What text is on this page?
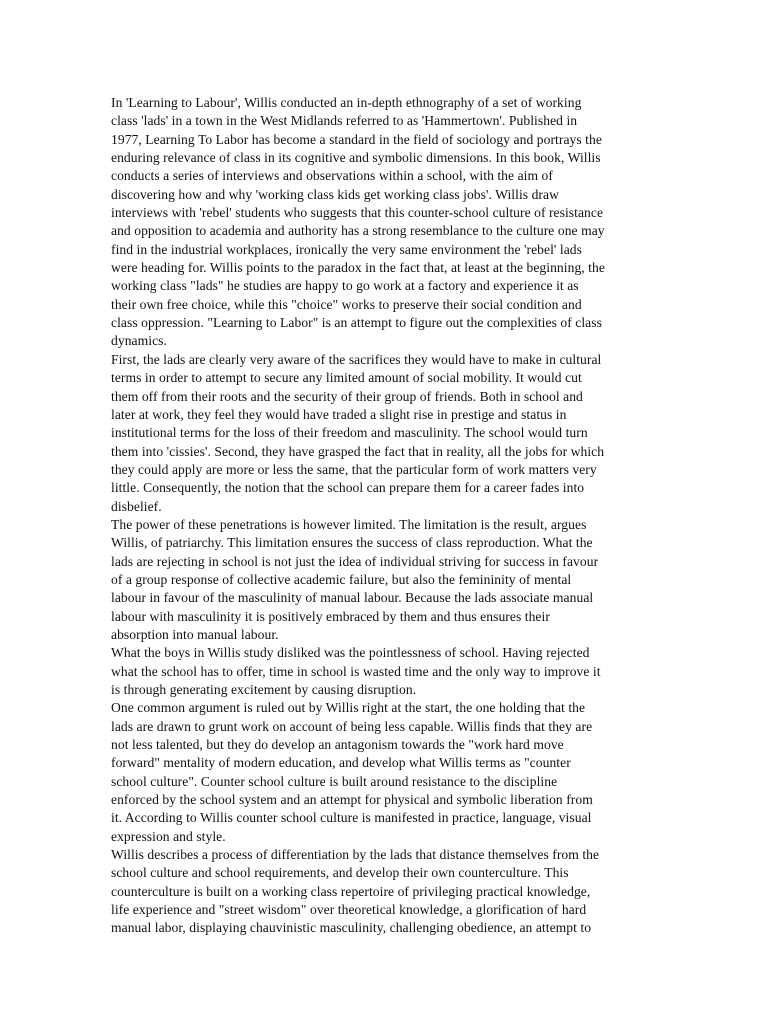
In 'Learning to Labour', Willis conducted an in-depth ethnography of a set of working
class 'lads' in a town in the West Midlands referred to as 'Hammertown'. Published in
1977, Learning To Labor has become a standard in the field of sociology and portrays the
enduring relevance of class in its cognitive and symbolic dimensions. In this book, Willis
conducts a series of interviews and observations within a school, with the aim of
discovering how and why 'working class kids get working class jobs'. Willis draw
interviews with 'rebel' students who suggests that this counter-school culture of resistance
and opposition to academia and authority has a strong resemblance to the culture one may
find in the industrial workplaces, ironically the very same environment the 'rebel' lads
were heading for. Willis points to the paradox in the fact that, at least at the beginning, the
working class "lads" he studies are happy to go work at a factory and experience it as
their own free choice, while this "choice" works to preserve their social condition and
class oppression. "Learning to Labor" is an attempt to figure out the complexities of class
dynamics.

First, the lads are clearly very aware of the sacrifices they would have to make in cultural
terms in order to attempt to secure any limited amount of social mobility. It would cut
them off from their roots and the security of their group of friends. Both in school and
later at work, they feel they would have traded a slight rise in prestige and status in
institutional terms for the loss of their freedom and masculinity. The school would turn
them into 'cissies'. Second, they have grasped the fact that in reality, all the jobs for which
they could apply are more or less the same, that the particular form of work matters very
little. Consequently, the notion that the school can prepare them for a career fades into
disbelief.

The power of these penetrations is however limited. The limitation is the result, argues
Willis, of patriarchy. This limitation ensures the success of class reproduction. What the
lads are rejecting in school is not just the idea of individual striving for success in favour
of a group response of collective academic failure, but also the femininity of mental
labour in favour of the masculinity of manual labour. Because the lads associate manual
labour with masculinity it is positively embraced by them and thus ensures their
absorption into manual labour.

What the boys in Willis study disliked was the pointlessness of school. Having rejected
what the school has to offer, time in school is wasted time and the only way to improve it
is through generating excitement by causing disruption.

One common argument is ruled out by Willis right at the start, the one holding that the
lads are drawn to grunt work on account of being less capable. Willis finds that they are
not less talented, but they do develop an antagonism towards the "work hard move
forward" mentality of modern education, and develop what Willis terms as "counter
school culture". Counter school culture is built around resistance to the discipline
enforced by the school system and an attempt for physical and symbolic liberation from
it. According to Willis counter school culture is manifested in practice, language, visual
expression and style.

Willis describes a process of differentiation by the lads that distance themselves from the
school culture and school requirements, and develop their own counterculture. This
counterculture is built on a working class repertoire of privileging practical knowledge,
life experience and "street wisdom" over theoretical knowledge, a glorification of hard
manual labor, displaying chauvinistic masculinity, challenging obedience, an attempt to
